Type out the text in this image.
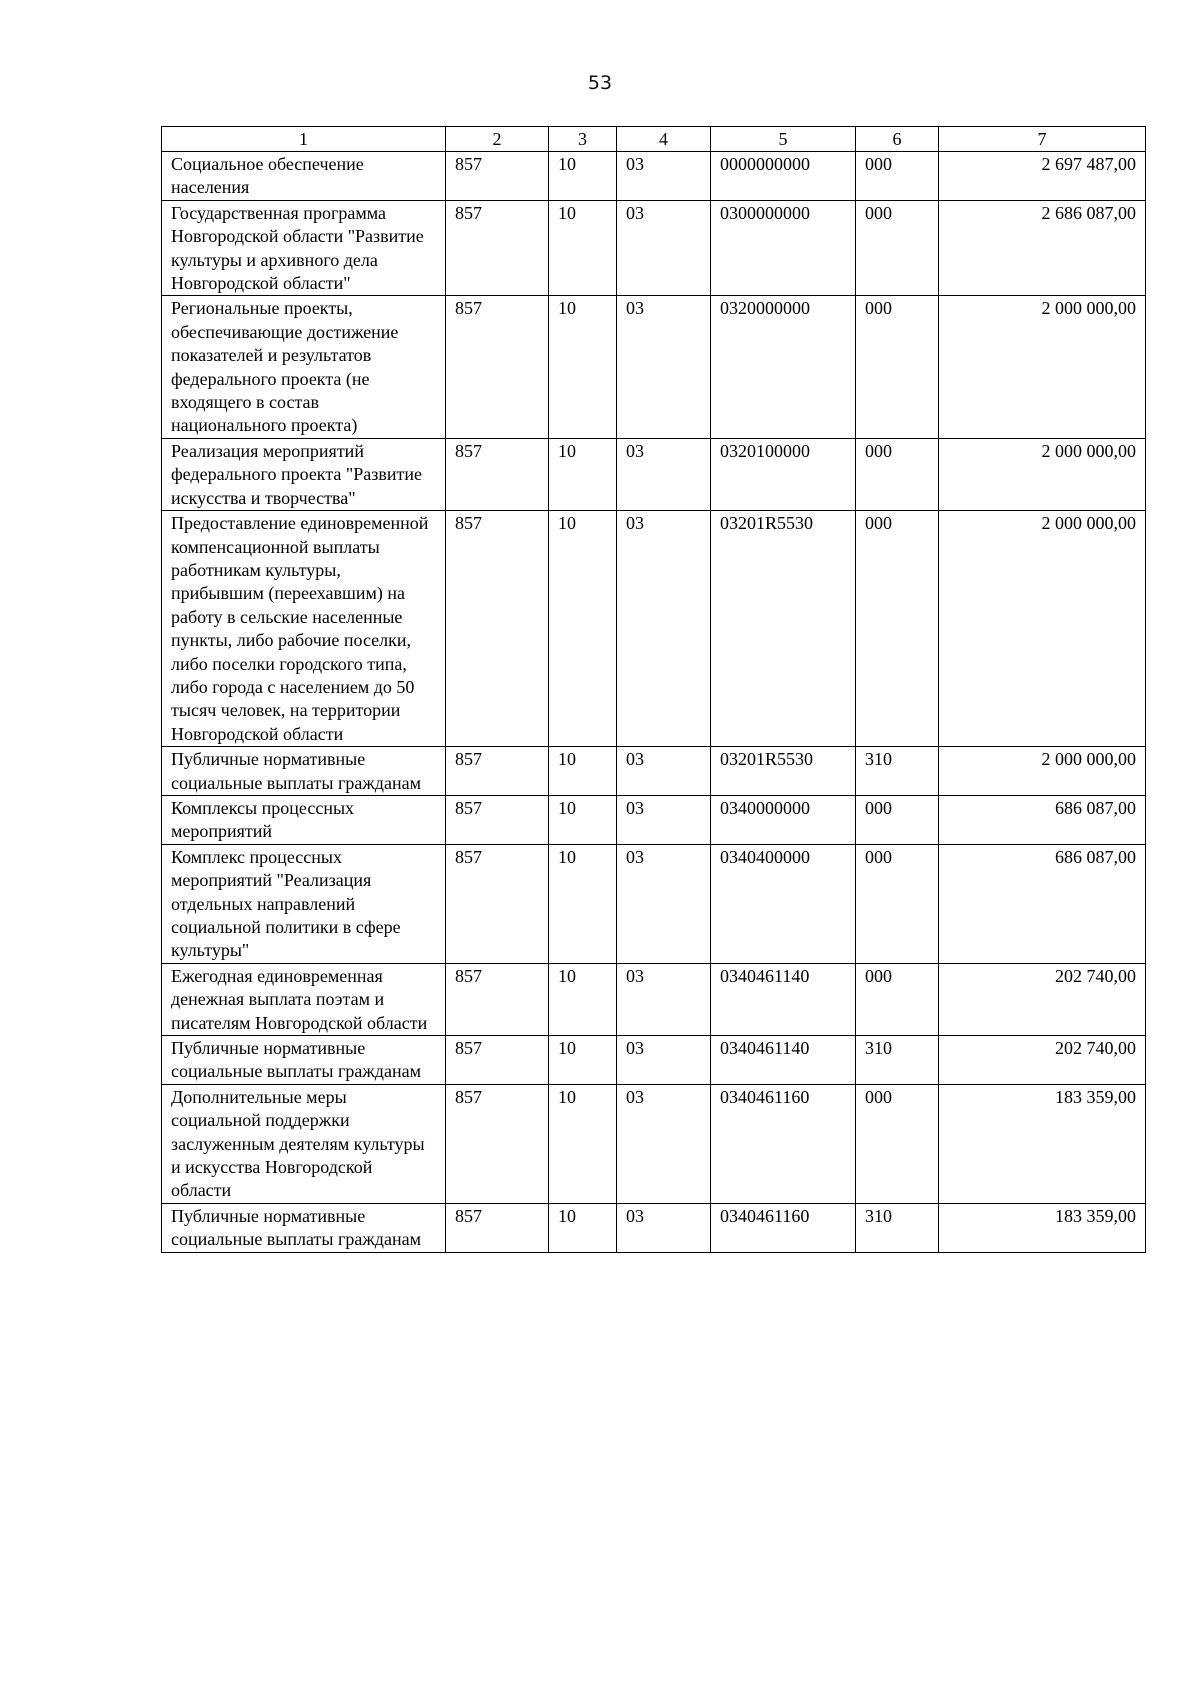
53
1	2	3	4	5	6	7
Социальное обеспечение населения	857	10	03	0000000000	000	2 697 487,00
Государственная программа Новгородской области "Развитие культуры и архивного дела Новгородской области"	857	10	03	0300000000	000	2 686 087,00
Региональные проекты, обеспечивающие достижение показателей и результатов федерального проекта (не входящего в состав национального проекта)	857	10	03	0320000000	000	2 000 000,00
Реализация мероприятий федерального проекта "Развитие искусства и творчества"	857	10	03	0320100000	000	2 000 000,00
Предоставление единовременной компенсационной выплаты работникам культуры, прибывшим (переехавшим) на работу в сельские населенные пункты, либо рабочие поселки, либо поселки городского типа, либо города с населением до 50 тысяч человек, на территории Новгородской области	857	10	03	03201R5530	000	2 000 000,00
Публичные нормативные социальные выплаты гражданам	857	10	03	03201R5530	310	2 000 000,00
Комплексы процессных мероприятий	857	10	03	0340000000	000	686 087,00
Комплекс процессных мероприятий "Реализация отдельных направлений социальной политики в сфере культуры"	857	10	03	0340400000	000	686 087,00
Ежегодная единовременная денежная выплата поэтам и писателям Новгородской области	857	10	03	0340461140	000	202 740,00
Публичные нормативные социальные выплаты гражданам	857	10	03	0340461140	310	202 740,00
Дополнительные меры социальной поддержки заслуженным деятелям культуры и искусства Новгородской области	857	10	03	0340461160	000	183 359,00
Публичные нормативные социальные выплаты гражданам	857	10	03	0340461160	310	183 359,00
